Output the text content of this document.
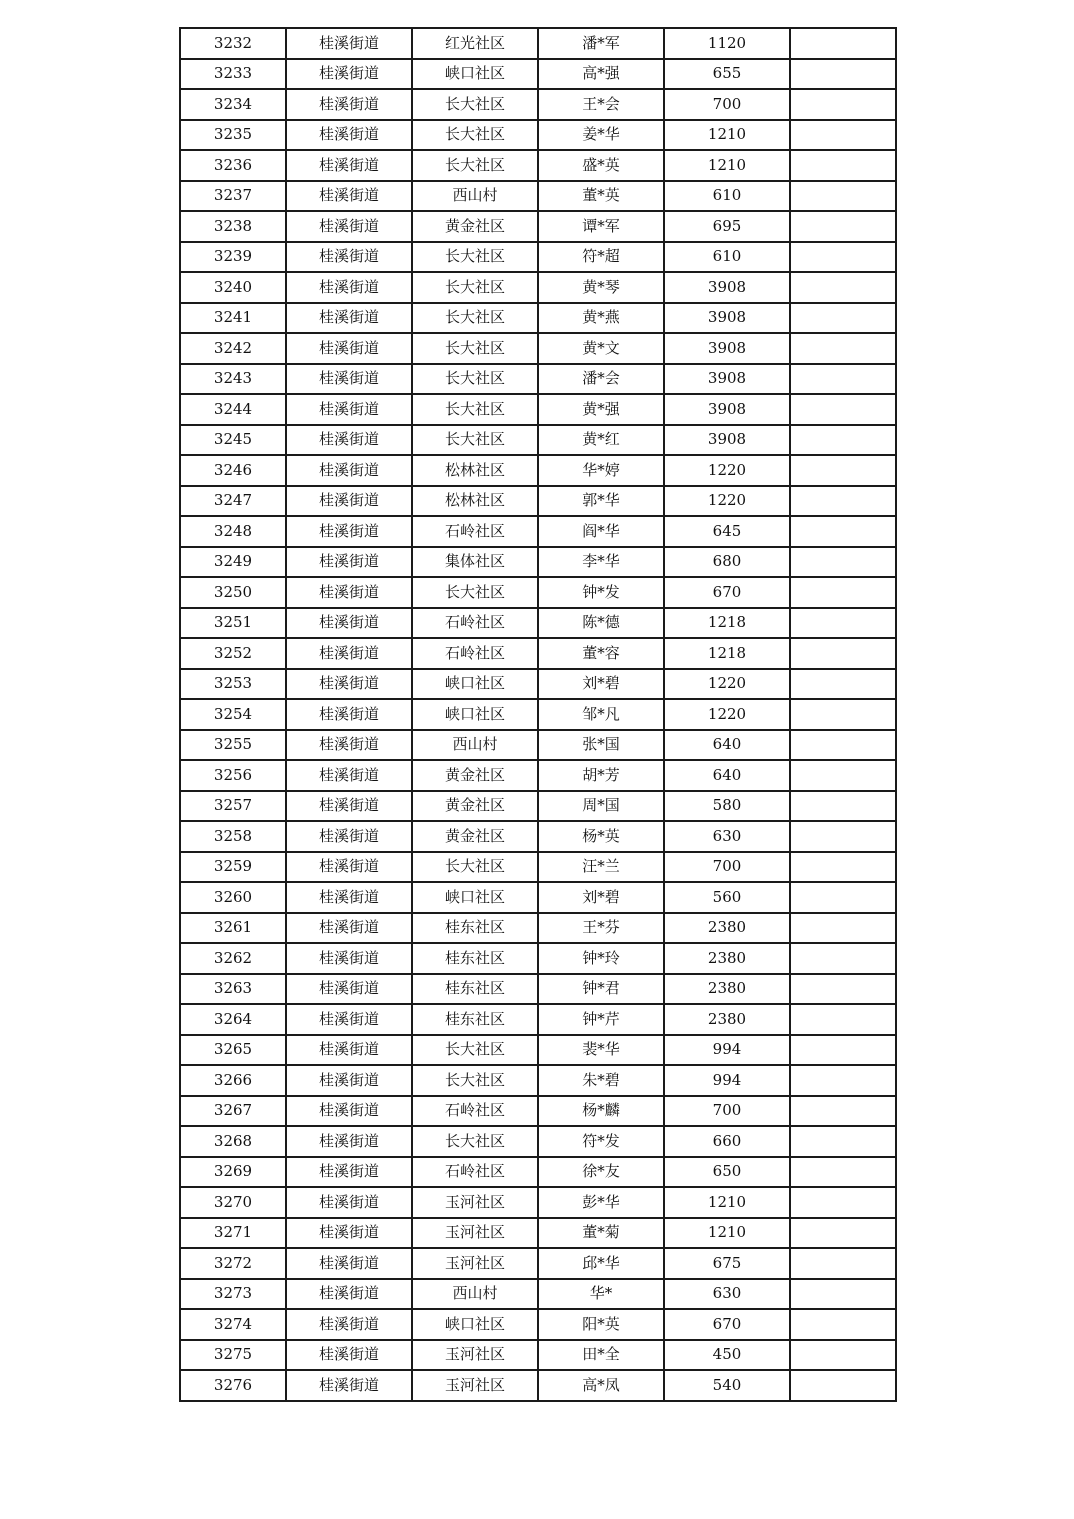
3232	桂溪街道	红光社区	潘*军	1120	
3233	桂溪街道	峡口社区	高*强	655	
3234	桂溪街道	长大社区	王*会	700	
3235	桂溪街道	长大社区	姜*华	1210	
3236	桂溪街道	长大社区	盛*英	1210	
3237	桂溪街道	西山村	董*英	610	
3238	桂溪街道	黄金社区	谭*军	695	
3239	桂溪街道	长大社区	符*超	610	
3240	桂溪街道	长大社区	黄*琴	3908	
3241	桂溪街道	长大社区	黄*燕	3908	
3242	桂溪街道	长大社区	黄*文	3908	
3243	桂溪街道	长大社区	潘*会	3908	
3244	桂溪街道	长大社区	黄*强	3908	
3245	桂溪街道	长大社区	黄*红	3908	
3246	桂溪街道	松林社区	华*婷	1220	
3247	桂溪街道	松林社区	郭*华	1220	
3248	桂溪街道	石岭社区	阎*华	645	
3249	桂溪街道	集体社区	李*华	680	
3250	桂溪街道	长大社区	钟*发	670	
3251	桂溪街道	石岭社区	陈*德	1218	
3252	桂溪街道	石岭社区	董*容	1218	
3253	桂溪街道	峡口社区	刘*碧	1220	
3254	桂溪街道	峡口社区	邹*凡	1220	
3255	桂溪街道	西山村	张*国	640	
3256	桂溪街道	黄金社区	胡*芳	640	
3257	桂溪街道	黄金社区	周*国	580	
3258	桂溪街道	黄金社区	杨*英	630	
3259	桂溪街道	长大社区	汪*兰	700	
3260	桂溪街道	峡口社区	刘*碧	560	
3261	桂溪街道	桂东社区	王*芬	2380	
3262	桂溪街道	桂东社区	钟*玲	2380	
3263	桂溪街道	桂东社区	钟*君	2380	
3264	桂溪街道	桂东社区	钟*芹	2380	
3265	桂溪街道	长大社区	裴*华	994	
3266	桂溪街道	长大社区	朱*碧	994	
3267	桂溪街道	石岭社区	杨*麟	700	
3268	桂溪街道	长大社区	符*发	660	
3269	桂溪街道	石岭社区	徐*友	650	
3270	桂溪街道	玉河社区	彭*华	1210	
3271	桂溪街道	玉河社区	董*菊	1210	
3272	桂溪街道	玉河社区	邱*华	675	
3273	桂溪街道	西山村	华*	630	
3274	桂溪街道	峡口社区	阳*英	670	
3275	桂溪街道	玉河社区	田*全	450	
3276	桂溪街道	玉河社区	高*凤	540	
